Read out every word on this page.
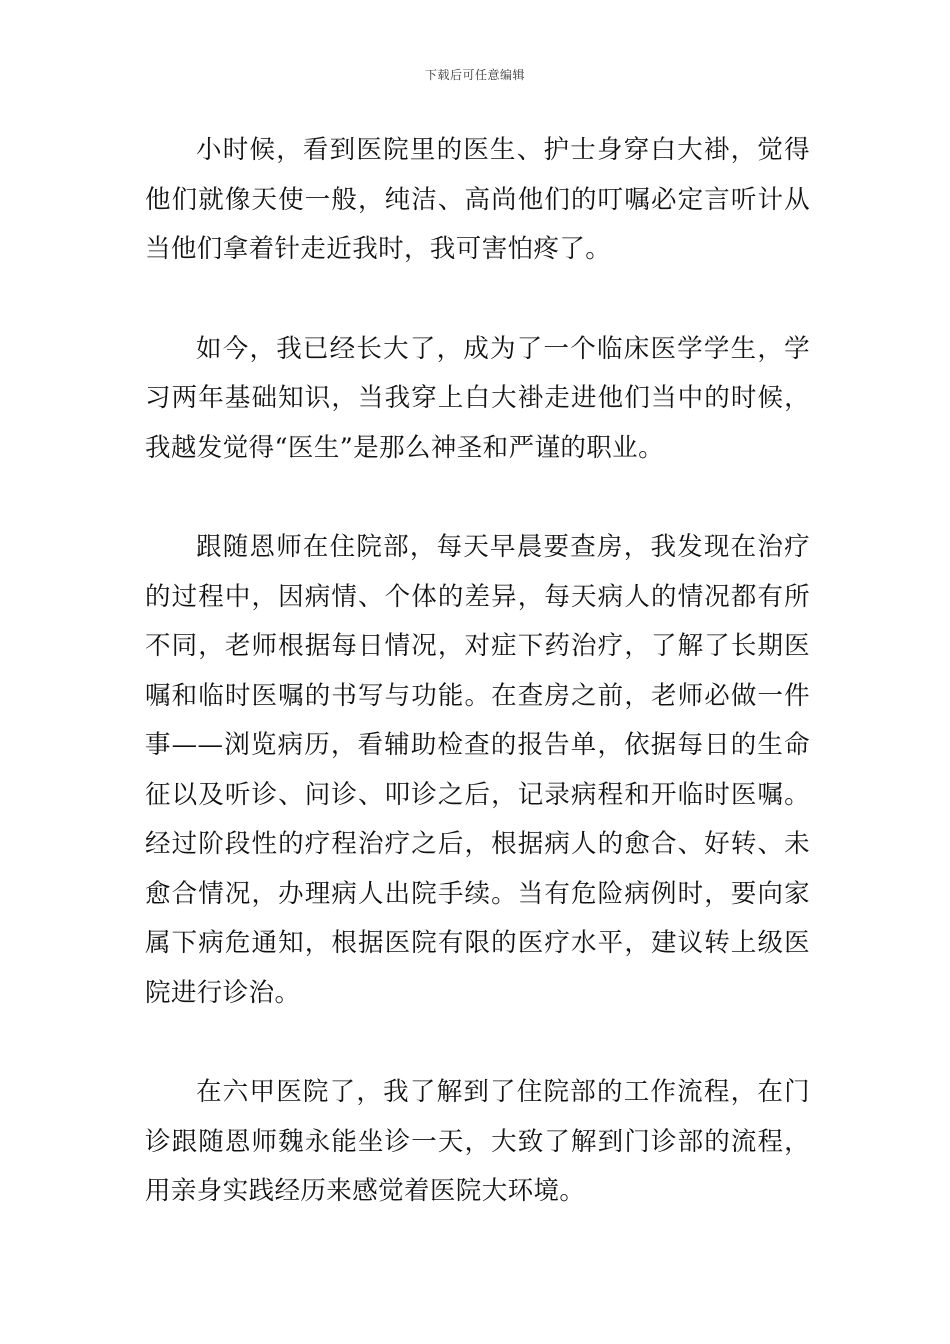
下载后可任意编辑

小时候，看到医院里的医生、护士身穿白大褂，觉得他们就像天使一般，纯洁、高尚他们的叮嘱必定言听计从当他们拿着针走近我时，我可害怕疼了。

如今，我已经长大了，成为了一个临床医学学生，学习两年基础知识，当我穿上白大褂走进他们当中的时候，我越发觉得“医生”是那么神圣和严谨的职业。

跟随恩师在住院部，每天早晨要查房，我发现在治疗的过程中，因病情、个体的差异，每天病人的情况都有所不同，老师根据每日情况，对症下药治疗，了解了长期医嘱和临时医嘱的书写与功能。在查房之前，老师必做一件事——浏览病历，看辅助检查的报告单，依据每日的生命征以及听诊、问诊、叩诊之后，记录病程和开临时医嘱。经过阶段性的疗程治疗之后，根据病人的愈合、好转、未愈合情况，办理病人出院手续。当有危险病例时，要向家属下病危通知，根据医院有限的医疗水平，建议转上级医院进行诊治。

在六甲医院了，我了解到了住院部的工作流程，在门诊跟随恩师魏永能坐诊一天，大致了解到门诊部的流程，用亲身实践经历来感觉着医院大环境。
